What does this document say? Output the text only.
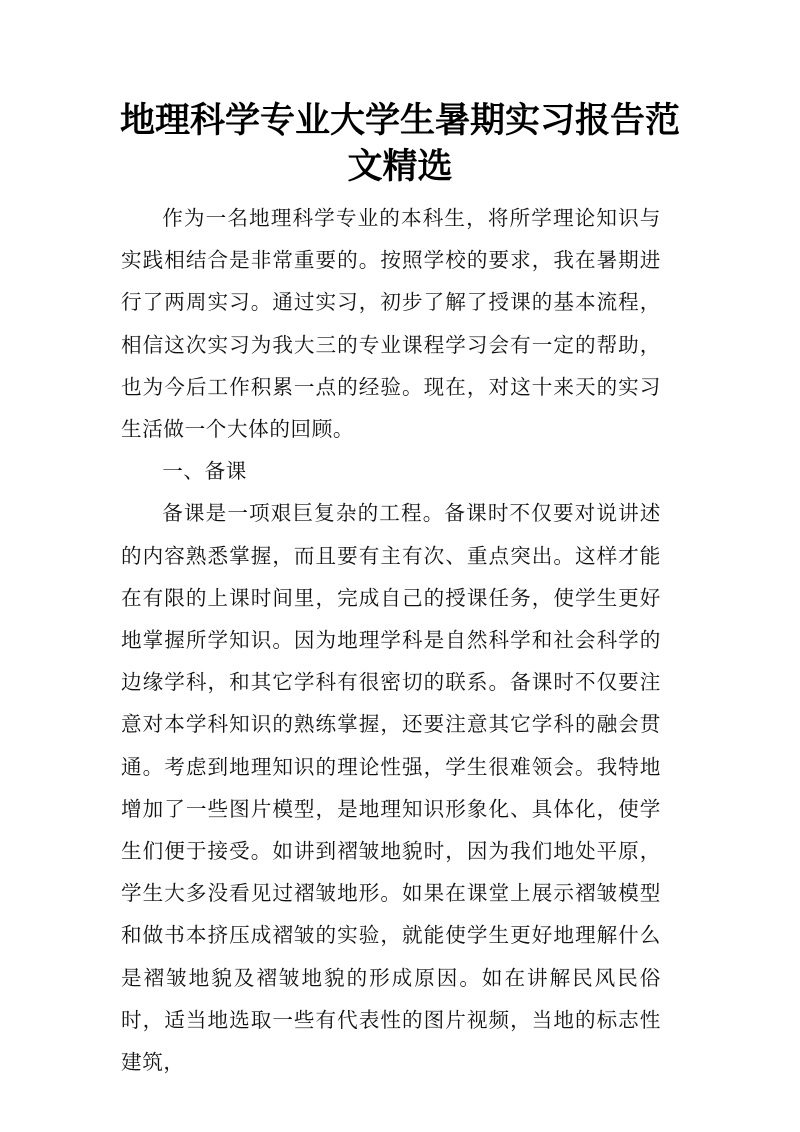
地理科学专业大学生暑期实习报告范文精选

作为一名地理科学专业的本科生，将所学理论知识与实践相结合是非常重要的。按照学校的要求，我在暑期进行了两周实习。通过实习，初步了解了授课的基本流程，相信这次实习为我大三的专业课程学习会有一定的帮助，也为今后工作积累一点的经验。现在，对这十来天的实习生活做一个大体的回顾。

一、备课

备课是一项艰巨复杂的工程。备课时不仅要对说讲述的内容熟悉掌握，而且要有主有次、重点突出。这样才能在有限的上课时间里，完成自己的授课任务，使学生更好地掌握所学知识。因为地理学科是自然科学和社会科学的边缘学科，和其它学科有很密切的联系。备课时不仅要注意对本学科知识的熟练掌握，还要注意其它学科的融会贯通。考虑到地理知识的理论性强，学生很难领会。我特地增加了一些图片模型，是地理知识形象化、具体化，使学生们便于接受。如讲到褶皱地貌时，因为我们地处平原，学生大多没看见过褶皱地形。如果在课堂上展示褶皱模型和做书本挤压成褶皱的实验，就能使学生更好地理解什么是褶皱地貌及褶皱地貌的形成原因。如在讲解民风民俗时，适当地选取一些有代表性的图片视频，当地的标志性建筑，
